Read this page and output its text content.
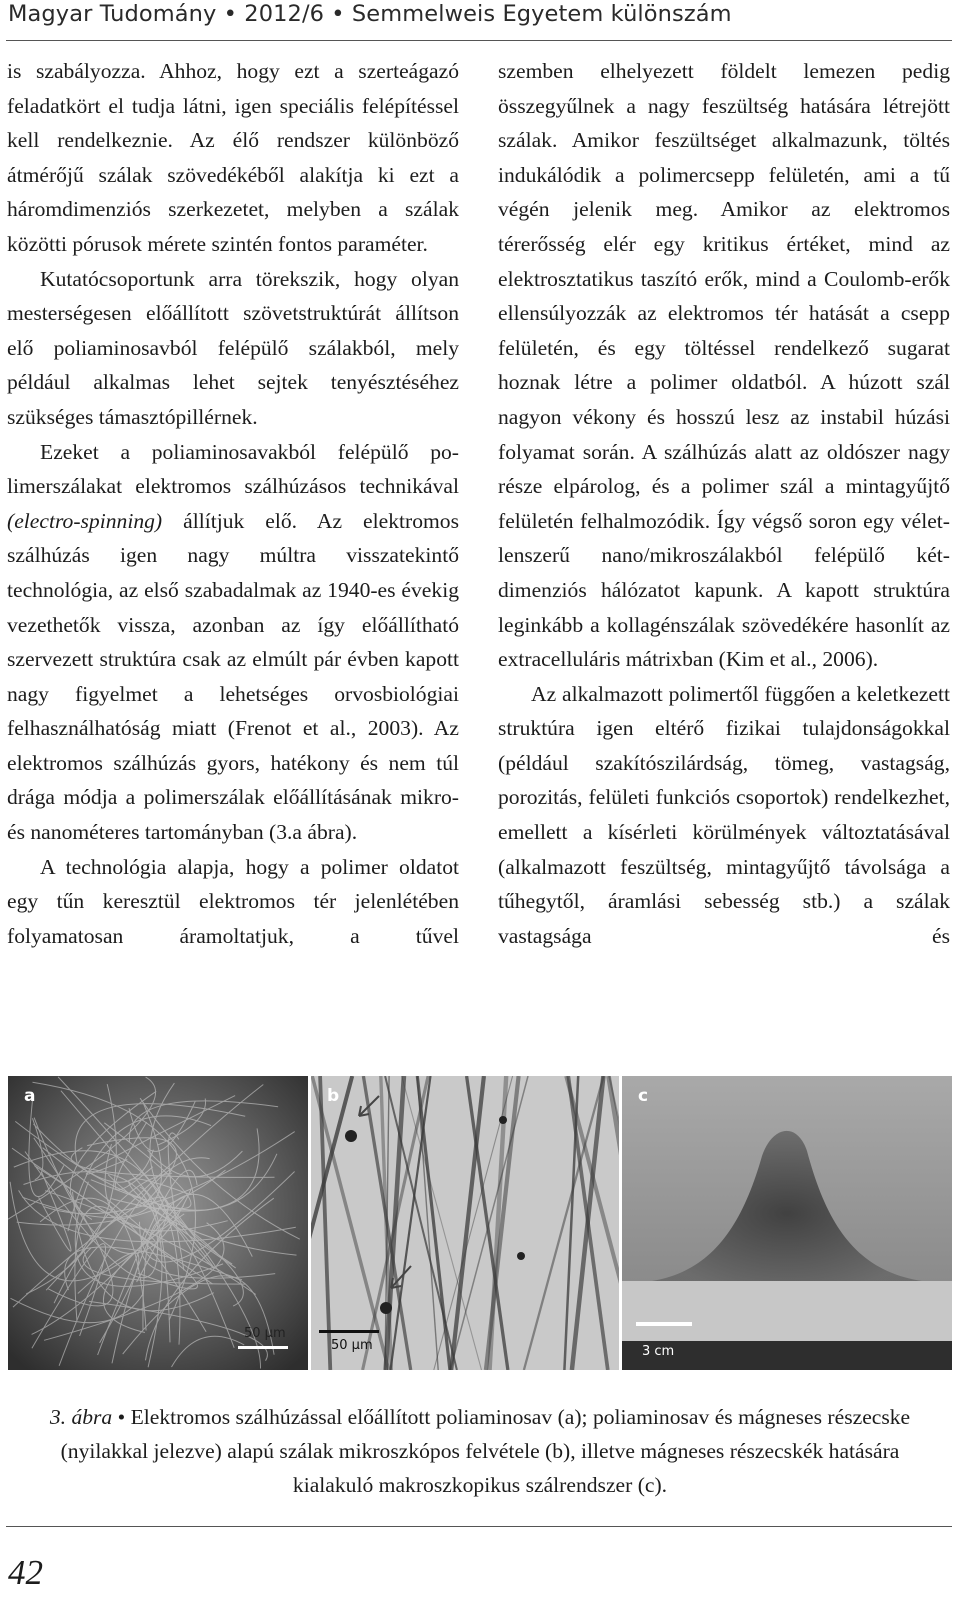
Magyar Tudomány • 2012/6 • Semmelweis Egyetem különszám

is szabályozza. Ahhoz, hogy ezt a szerteágazó feladatkört el tudja látni, igen speciális felépítéssel kell rendelkeznie. Az élő rendszer különböző átmérőjű szálak szövedékéből alakítja ki ezt a háromdimenziós szerkezetet, melyben a szálak közötti pórusok mérete szintén fontos paraméter.

Kutatócsoportunk arra törekszik, hogy olyan mesterségesen előállított szövetstruktúrát állítson elő poliaminosavból felépülő szálakból, mely például alkalmas lehet sejtek tenyésztéséhez szükséges támasztópillérnek.

Ezeket a poliaminosavakból felépülő polimerszálakat elektromos szálhúzásos technikával (electro-spinning) állítjuk elő. Az elektromos szálhúzás igen nagy múltra visszatekintő technológia, az első szabadalmak az 1940-es évekig vezethetők vissza, azonban az így előállítható szervezett struktúra csak az elmúlt pár évben kapott nagy figyelmet a lehetséges orvosbiológiai felhasználhatóság miatt (Frenot et al., 2003). Az elektromos szálhúzás gyors, hatékony és nem túl drága módja a polimerszálak előállításának mikro- és nanométeres tartományban (3.a ábra).

A technológia alapja, hogy a polimer oldatot egy tűn keresztül elektromos tér jelenlétében folyamatosan áramoltatjuk, a tűvel

szemben elhelyezett földelt lemezen pedig összegyűlnek a nagy feszültség hatására létrejött szálak. Amikor feszültséget alkalmazunk, töltés indukálódik a polimercsepp felületén, ami a tű végén jelenik meg. Amikor az elektromos térerősség elér egy kritikus értéket, mind az elektrosztatikus taszító erők, mind a Coulomb-erők ellensúlyozzák az elektromos tér hatását a csepp felületén, és egy töltéssel rendelkező sugarat hoznak létre a polimer oldatból. A húzott szál nagyon vékony és hosszú lesz az instabil húzási folyamat során. A szálhúzás alatt az oldószer nagy része elpárolog, és a polimer szál a mintagyűjtő felületén felhalmozódik. Így végső soron egy véletlenszerű nano/mikroszálakból felépülő kétdimenziós hálózatot kapunk. A kapott struktúra leginkább a kollagénszálak szövedékére hasonlít az extracelluláris mátrixban (Kim et al., 2006).

Az alkalmazott polimertől függően a keletkezett struktúra igen eltérő fizikai tulajdonságokkal (például szakítószilárdság, tömeg, vastagság, porozitás, felületi funkciós csoportok) rendelkezhet, emellett a kísérleti körülmények változtatásával (alkalmazott feszültség, mintagyűjtő távolsága a tűhegytől, áramlási sebesség stb.) a szálak vastagsága és

a
50 µm
b
50 µm
c
3 cm
3. ábra • Elektromos szálhúzással előállított poliaminosav (a); poliaminosav és mágneses részecske (nyilakkal jelezve) alapú szálak mikroszkópos felvétele (b), illetve mágneses részecskék hatására kialakuló makroszkopikus szálrendszer (c).
42
